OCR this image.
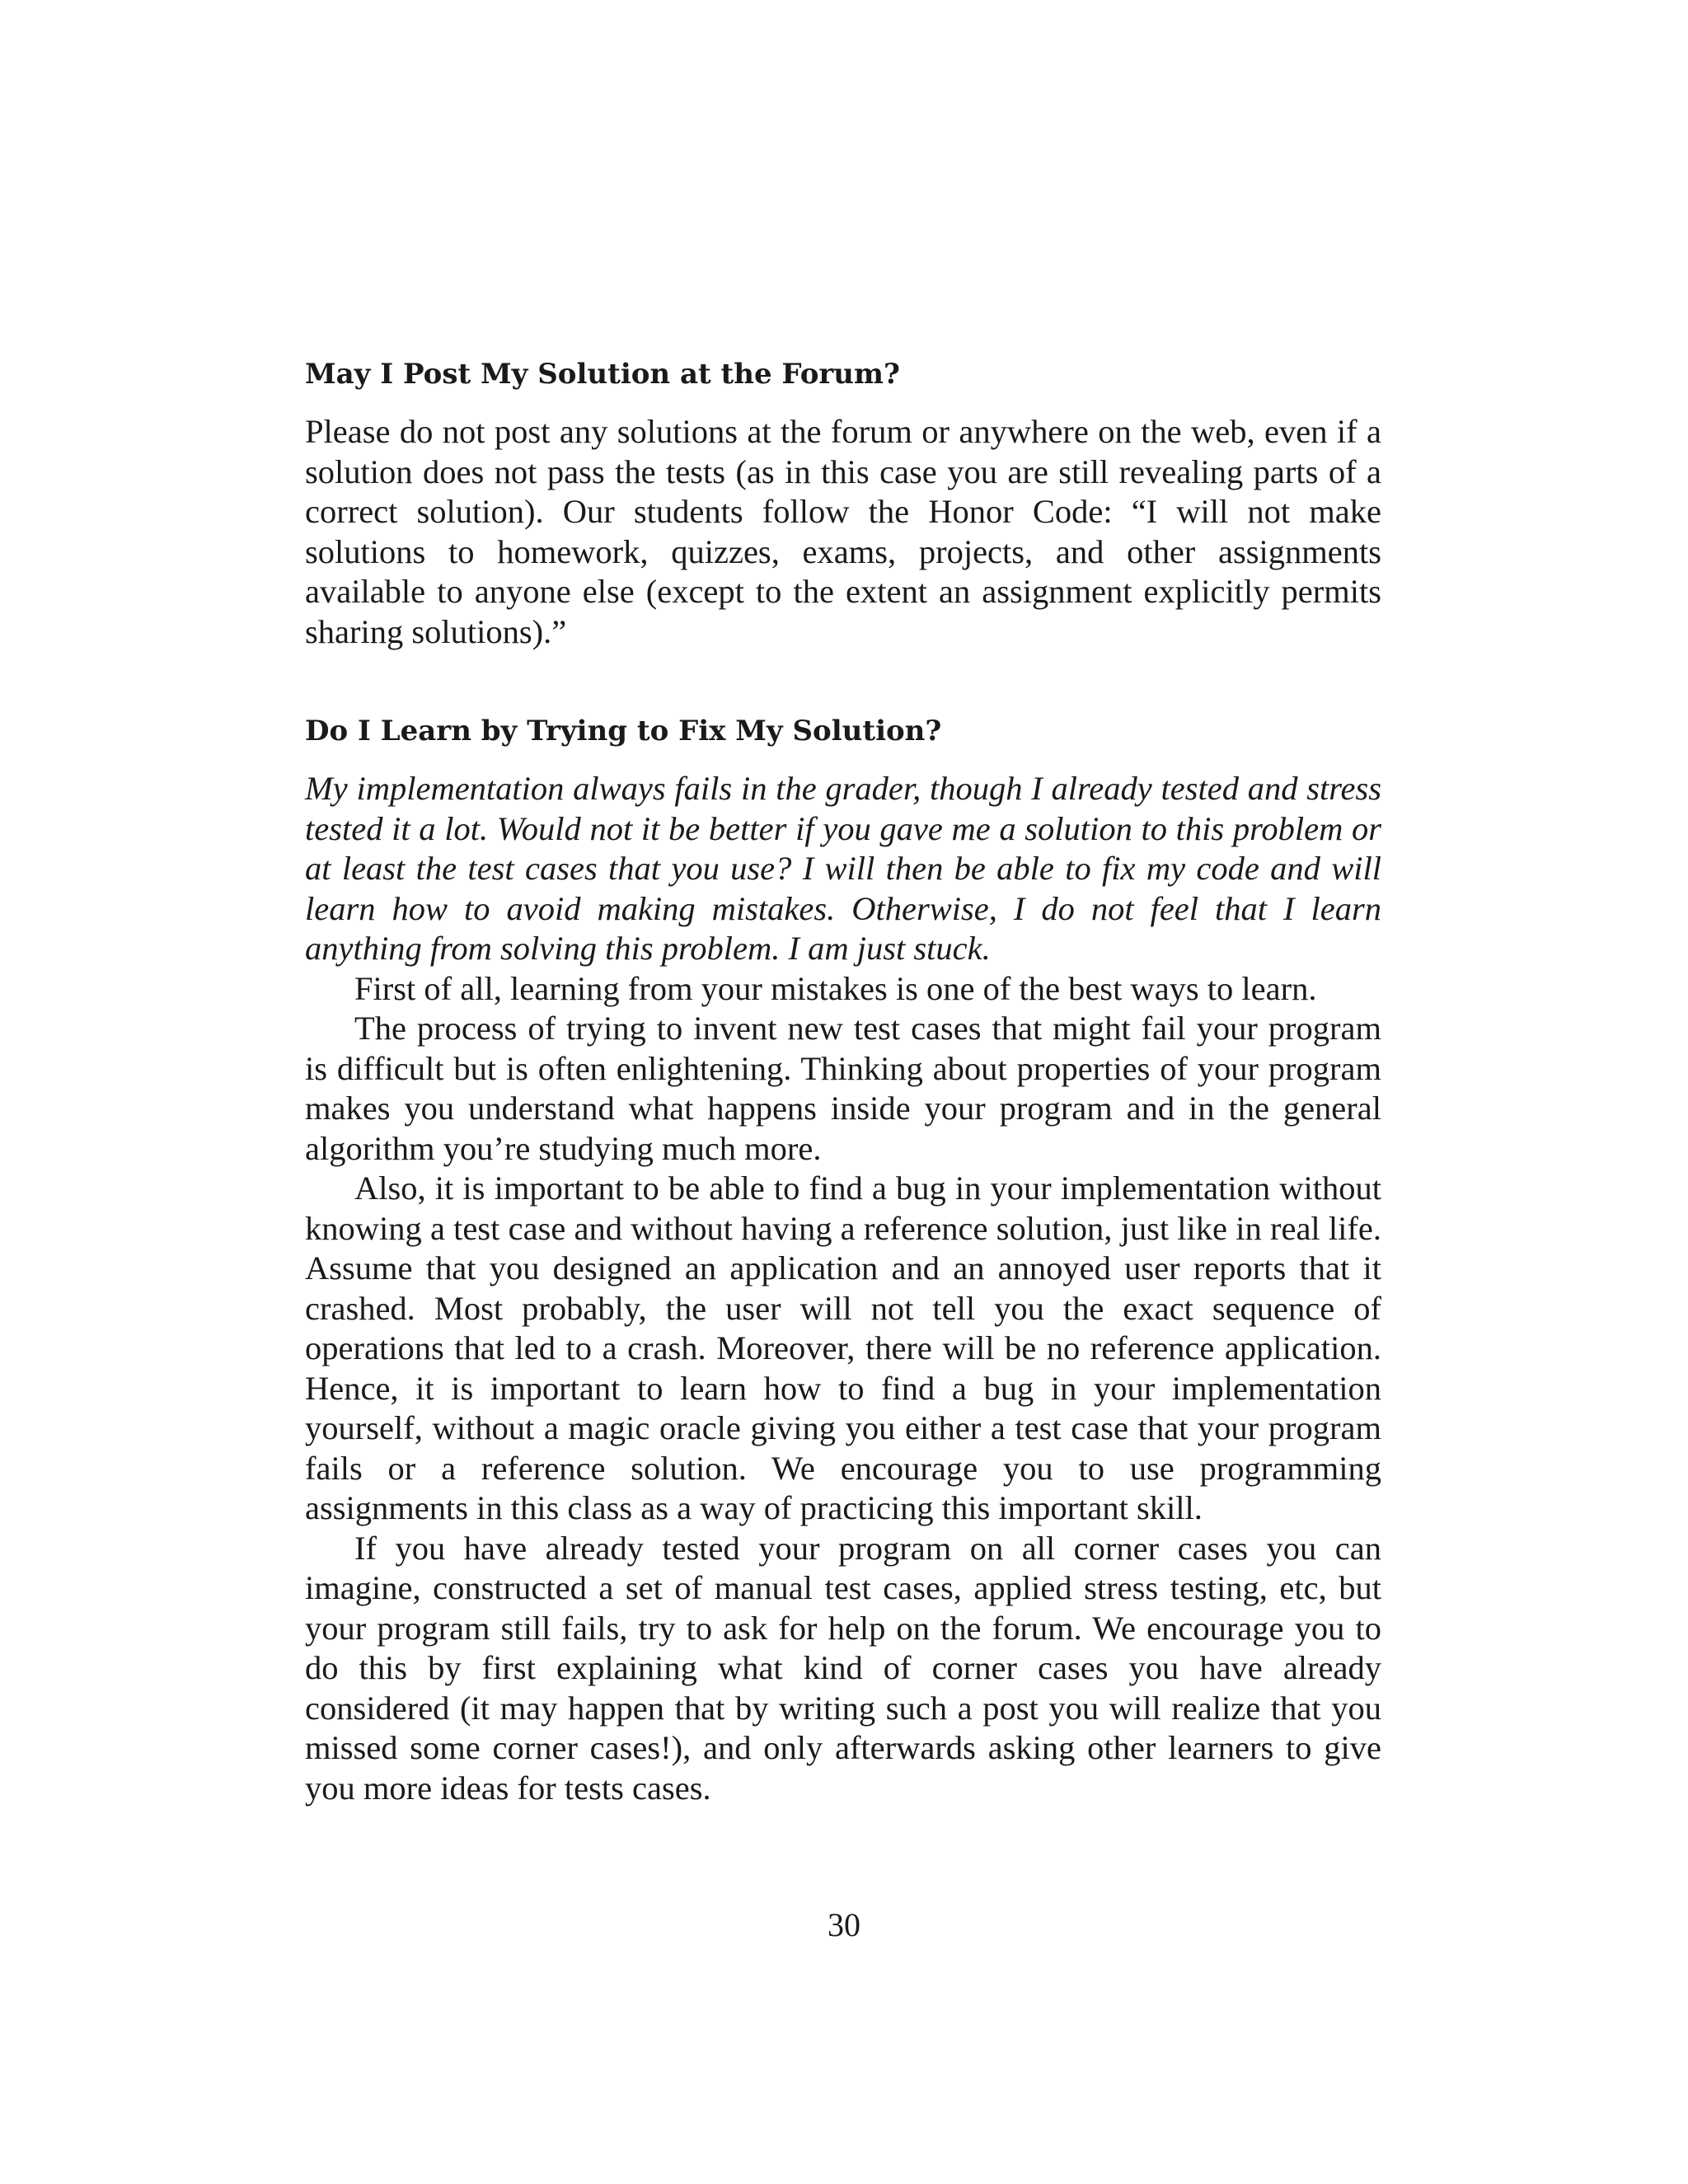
May I Post My Solution at the Forum?

Please do not post any solutions at the forum or anywhere on the web, even if a solution does not pass the tests (as in this case you are still revealing parts of a correct solution). Our students follow the Honor Code: “I will not make solutions to homework, quizzes, exams, projects, and other assignments available to anyone else (except to the extent an assignment explicitly permits sharing solutions).”

Do I Learn by Trying to Fix My Solution?

My implementation always fails in the grader, though I already tested and stress tested it a lot. Would not it be better if you gave me a solution to this problem or at least the test cases that you use? I will then be able to fix my code and will learn how to avoid making mistakes. Otherwise, I do not feel that I learn anything from solving this problem. I am just stuck.

First of all, learning from your mistakes is one of the best ways to learn.

The process of trying to invent new test cases that might fail your program is difficult but is often enlightening. Thinking about properties of your program makes you understand what happens inside your program and in the general algorithm you’re studying much more.

Also, it is important to be able to find a bug in your implementation without knowing a test case and without having a reference solution, just like in real life. Assume that you designed an application and an annoyed user reports that it crashed. Most probably, the user will not tell you the exact sequence of operations that led to a crash. Moreover, there will be no reference application. Hence, it is important to learn how to find a bug in your implementation yourself, without a magic oracle giving you either a test case that your program fails or a reference solution. We encourage you to use programming assignments in this class as a way of practicing this important skill.

If you have already tested your program on all corner cases you can imagine, constructed a set of manual test cases, applied stress testing, etc, but your program still fails, try to ask for help on the forum. We encourage you to do this by first explaining what kind of corner cases you have already considered (it may happen that by writing such a post you will realize that you missed some corner cases!), and only afterwards asking other learners to give you more ideas for tests cases.

30
